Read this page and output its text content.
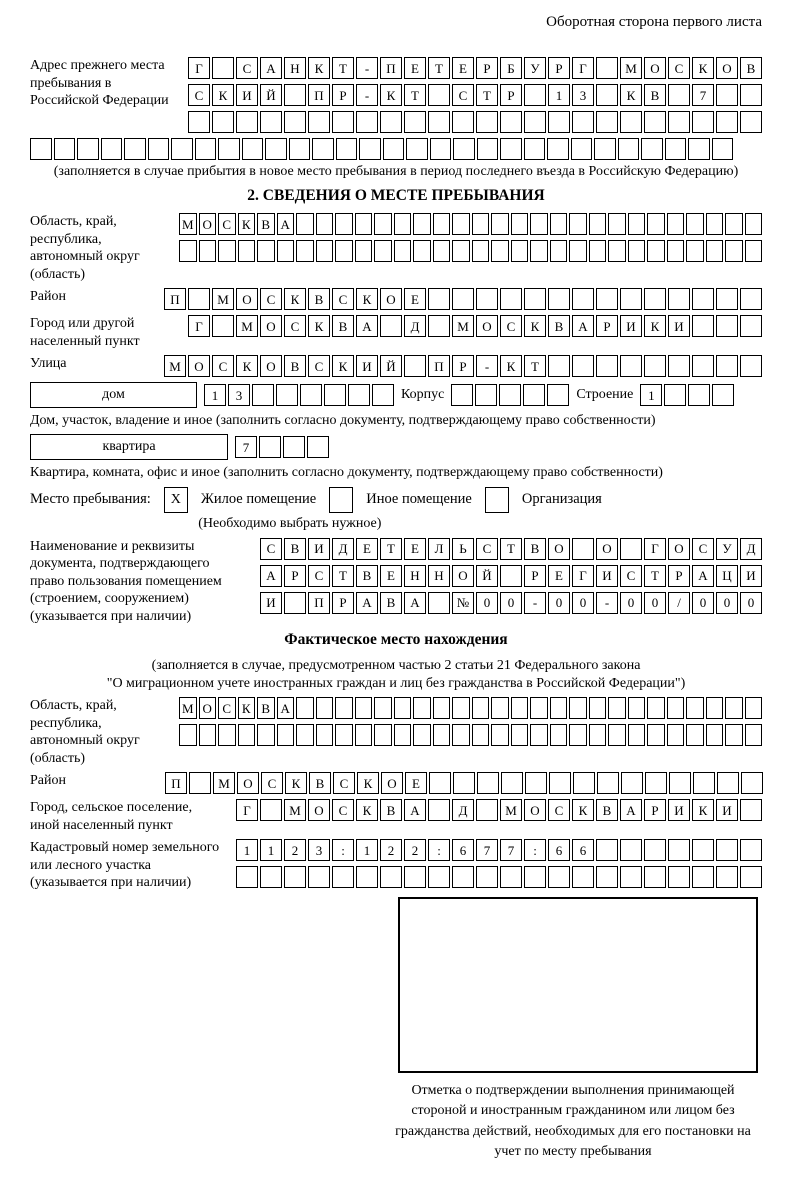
Оборотная сторона первого листа
Адрес прежнего места пребывания в Российской Федерации
Г	С	А	Н	К	Т	-	П	Е	Т	Е	Р	Б	У	Р	Г	М	О	С	К	О	В
С	К	И	Й	П	Р	-	К	Т	С	Т	Р	1	3	К	В	7
(заполняется в случае прибытия в новое место пребывания в период последнего въезда в Российскую Федерацию)
2. СВЕДЕНИЯ О МЕСТЕ ПРЕБЫВАНИЯ
Область, край, республика, автономный округ (область)
М О С К В А
Район	П	М	О	С	К	В	С	К	О	Е
Город или другой населенный пункт
Г	М	О	С	К	В	А	Д	М	О	С	К	В	А	Р	И	К	И
Улица	М	О	С	К	О	В	С	К	И	Й	П	Р	-	К	Т
дом	1	3	Корпус	Строение	1
Дом, участок, владение и иное (заполнить согласно документу, подтверждающему право собственности)
квартира	7
Квартира, комната, офис и иное (заполнить согласно документу, подтверждающему право собственности)
Место пребывания:	X	Жилое помещение	Иное помещение	Организация
(Необходимо выбрать нужное)
Наименование и реквизиты документа, подтверждающего право пользования помещением (строением, сооружением) (указывается при наличии)
С	В	И	Д	Е	Т	Е	Л	Ь	С	Т	В	О	О	Г	О	С	У	Д
А	Р	С	Т	В	Е	Н	Н	О	Й	Р	Е	Г	И	С	Т	Р	А	Ц	И
И	П	Р	А	В	А	№	0	0	-	0	0	-	0	0	/	0	0	0
Фактическое место нахождения
(заполняется в случае, предусмотренном частью 2 статьи 21 Федерального закона
"О миграционном учете иностранных граждан и лиц без гражданства в Российской Федерации")
Область, край, республика, автономный округ (область)
М О С К В А
Район	П	М	О	С	К	В	С	К	О	Е
Город, сельское поселение, иной населенный пункт
Г	М	О	С	К	В	А	Д	М	О	С	К	В	А	Р	И	К	И
Кадастровый номер земельного или лесного участка (указывается при наличии)
1	1	2	3	:	1	2	2	:	6	7	7	:	6	6
Отметка о подтверждении выполнения принимающей стороной и иностранным гражданином или лицом без гражданства действий, необходимых для его постановки на учет по месту пребывания
